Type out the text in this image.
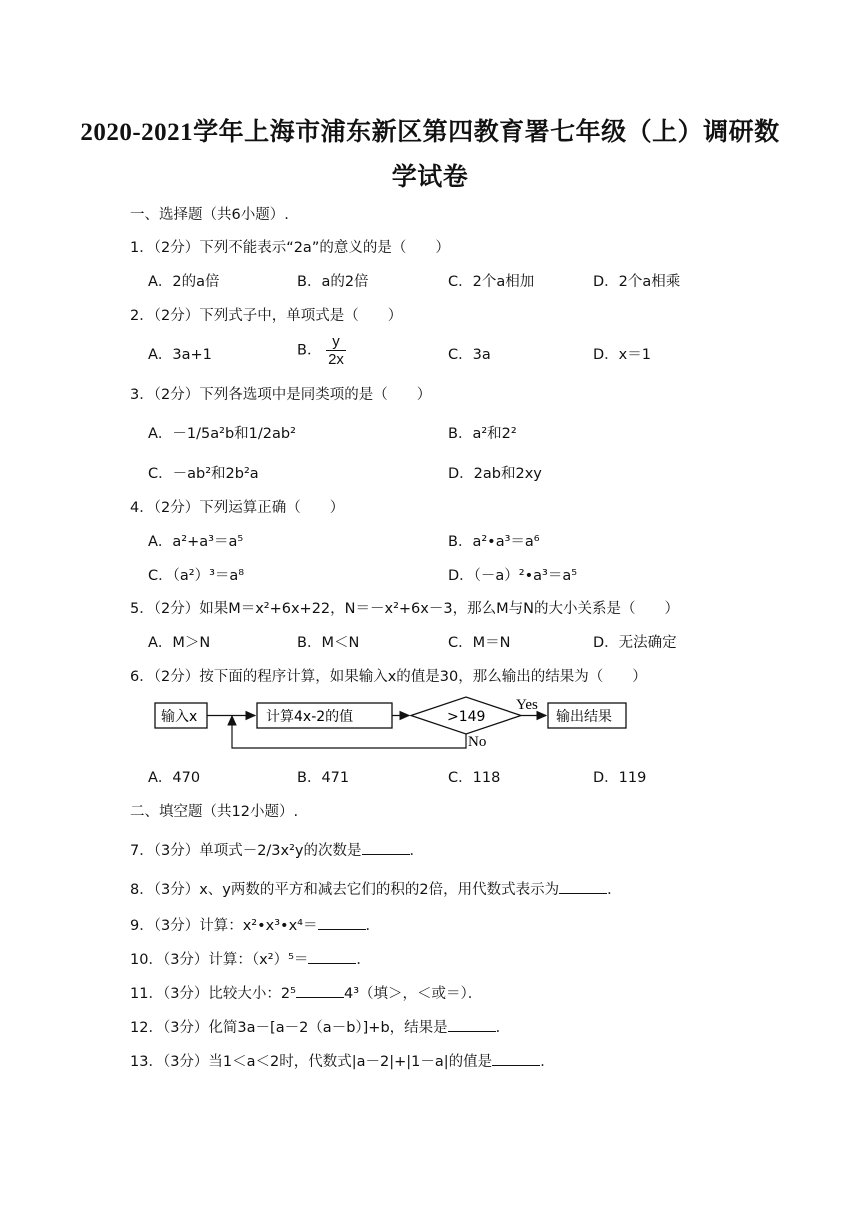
2020-2021学年上海市浦东新区第四教育署七年级（上）调研数
学试卷
一、选择题（共6小题）.
1．（2分）下列不能表示“2a”的意义的是（　　）
A．2的a倍	B．a的2倍	C．2个a相加	D．2个a相乘
2．（2分）下列式子中，单项式是（　　）
A．3a+1	B． $\frac{y}{2x}$	C．3a	D．x＝1
3．（2分）下列各选项中是同类项的是（　　）
A．－1/5a²b和1/2ab²	B．a²和2²
C．－ab²和2b²a	D．2ab和2xy
4．（2分）下列运算正确（　　）
A．a²+a³＝a⁵	B．a²•a³＝a⁶
C．（a²）³＝a⁸	D．（－a）²•a³＝a⁵
5．（2分）如果M＝x²+6x+22，N＝－x²+6x－3，那么M与N的大小关系是（　　）
A．M＞N	B．M＜N	C．M＝N	D．无法确定
6．（2分）按下面的程序计算，如果输入x的值是30，那么输出的结果为（　　）
输入x	计算4x-2的值	>149
Yes
输出结果
No
A．470	B．471	C．118	D．119
二、填空题（共12小题）.
7．（3分）单项式－2/3x²y的次数是	．
8．（3分）x、y两数的平方和减去它们的积的2倍，用代数式表示为	．
9．（3分）计算：x²•x³•x⁴＝	．
10．（3分）计算：（x²）⁵＝	．
11．（3分）比较大小：2⁵	4³（填＞，＜或＝）．
12．（3分）化简3a－[a－2（a－b）]+b，结果是	．
13．（3分）当1＜a＜2时，代数式|a－2|+|1－a|的值是	．
